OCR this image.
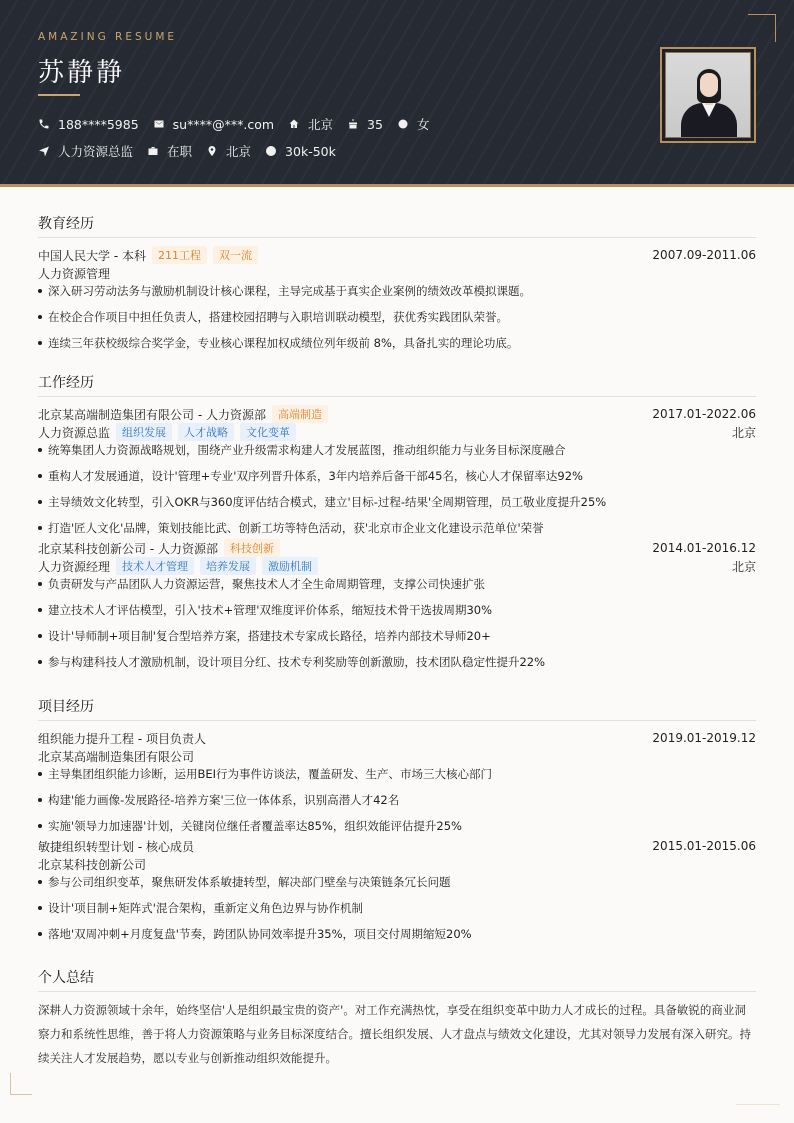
AMAZING RESUME
苏静静
188****5985	su****@***.com	北京	35	女
人力资源总监	在职	北京	30k-50k
教育经历
中国人民大学 - 本科	211工程	双一流	2007.09-2011.06
人力资源管理
深入研习劳动法务与激励机制设计核心课程，主导完成基于真实企业案例的绩效改革模拟课题。
在校企合作项目中担任负责人，搭建校园招聘与入职培训联动模型，获优秀实践团队荣誉。
连续三年获校级综合奖学金，专业核心课程加权成绩位列年级前 8%，具备扎实的理论功底。
工作经历
北京某高端制造集团有限公司 - 人力资源部	高端制造	2017.01-2022.06
人力资源总监	组织发展	人才战略	文化变革	北京
统筹集团人力资源战略规划，围绕产业升级需求构建人才发展蓝图，推动组织能力与业务目标深度融合
重构人才发展通道，设计'管理+专业'双序列晋升体系，3年内培养后备干部45名，核心人才保留率达92%
主导绩效文化转型，引入OKR与360度评估结合模式，建立'目标-过程-结果'全周期管理，员工敬业度提升25%
打造'匠人文化'品牌，策划技能比武、创新工坊等特色活动，获'北京市企业文化建设示范单位'荣誉
北京某科技创新公司 - 人力资源部	科技创新	2014.01-2016.12
人力资源经理	技术人才管理	培养发展	激励机制	北京
负责研发与产品团队人力资源运营，聚焦技术人才全生命周期管理，支撑公司快速扩张
建立技术人才评估模型，引入'技术+管理'双维度评价体系，缩短技术骨干选拔周期30%
设计'导师制+项目制'复合型培养方案，搭建技术专家成长路径，培养内部技术导师20+
参与构建科技人才激励机制，设计项目分红、技术专利奖励等创新激励，技术团队稳定性提升22%
项目经历
组织能力提升工程 - 项目负责人	2019.01-2019.12
北京某高端制造集团有限公司
主导集团组织能力诊断，运用BEI行为事件访谈法，覆盖研发、生产、市场三大核心部门
构建'能力画像-发展路径-培养方案'三位一体体系，识别高潜人才42名
实施'领导力加速器'计划，关键岗位继任者覆盖率达85%，组织效能评估提升25%
敏捷组织转型计划 - 核心成员	2015.01-2015.06
北京某科技创新公司
参与公司组织变革，聚焦研发体系敏捷转型，解决部门壁垒与决策链条冗长问题
设计'项目制+矩阵式'混合架构，重新定义角色边界与协作机制
落地'双周冲刺+月度复盘'节奏，跨团队协同效率提升35%，项目交付周期缩短20%
个人总结
深耕人力资源领域十余年，始终坚信'人是组织最宝贵的资产'。对工作充满热忱，享受在组织变革中助力人才成长的过程。具备敏锐的商业洞察力和系统性思维，善于将人力资源策略与业务目标深度结合。擅长组织发展、人才盘点与绩效文化建设，尤其对领导力发展有深入研究。持续关注人才发展趋势，愿以专业与创新推动组织效能提升。
